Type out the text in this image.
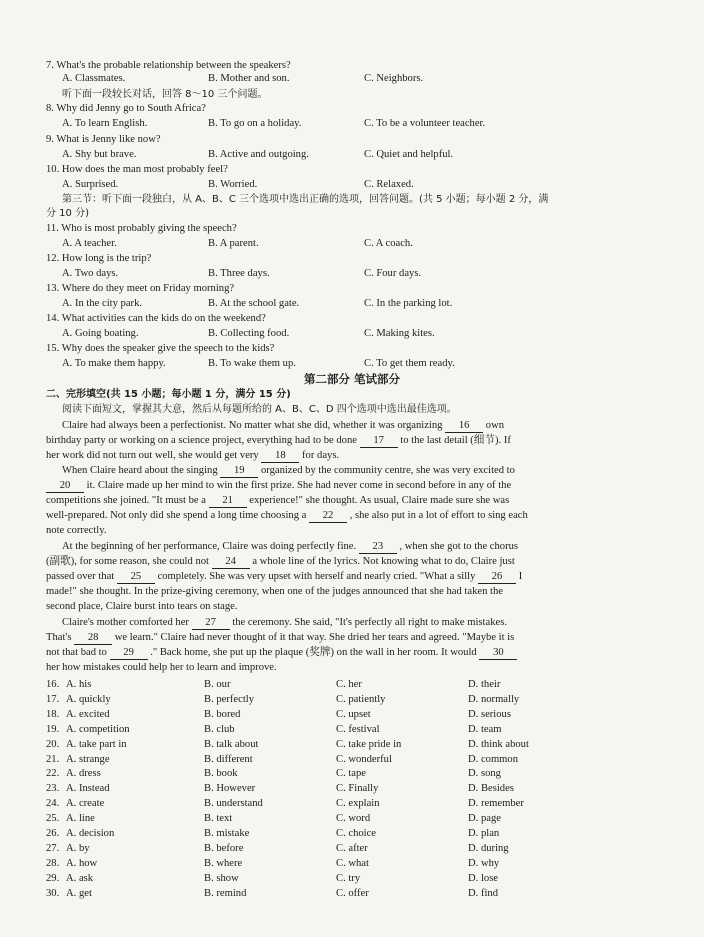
7. What's the probable relationship between the speakers?
A. Classmates.	B. Mother and son.	C. Neighbors.
听下面一段较长对话，回答 8～10 三个问题。
8. Why did Jenny go to South Africa?
A. To learn English.	B. To go on a holiday.	C. To be a volunteer teacher.
9. What is Jenny like now?
A. Shy but brave.	B. Active and outgoing.	C. Quiet and helpful.
10. How does the man most probably feel?
A. Surprised.	B. Worried.	C. Relaxed.
第三节：听下面一段独白，从 A、B、C 三个选项中选出正确的选项，回答问题。(共 5 小题；每小题 2 分，满
分 10 分)
11. Who is most probably giving the speech?
A. A teacher.	B. A parent.	C. A coach.
12. How long is the trip?
A. Two days.	B. Three days.	C. Four days.
13. Where do they meet on Friday morning?
A. In the city park.	B. At the school gate.	C. In the parking lot.
14. What activities can the kids do on the weekend?
A. Going boating.	B. Collecting food.	C. Making kites.
15. Why does the speaker give the speech to the kids?
A. To make them happy.	B. To wake them up.	C. To get them ready.
第二部分 笔试部分
二、完形填空(共 15 小题；每小题 1 分，满分 15 分)
阅读下面短文，掌握其大意，然后从每题所给的 A、B、C、D 四个选项中选出最佳选项。
Claire had always been a perfectionist. No matter what she did, whether it was organizing 16 own
birthday party or working on a science project, everything had to be done 17 to the last detail (细节). If
her work did not turn out well, she would get very 18 for days.
When Claire heard about the singing 19 organized by the community centre, she was very excited to
20 it. Claire made up her mind to win the first prize. She had never come in second before in any of the
competitions she joined. "It must be a 21 experience!" she thought. As usual, Claire made sure she was
well-prepared. Not only did she spend a long time choosing a 22 , she also put in a lot of effort to sing each
note correctly.
At the beginning of her performance, Claire was doing perfectly fine. 23 , when she got to the chorus
(副歌), for some reason, she could not 24 a whole line of the lyrics. Not knowing what to do, Claire just
passed over that 25 completely. She was very upset with herself and nearly cried. "What a silly 26 I
made!" she thought. In the prize-giving ceremony, when one of the judges announced that she had taken the
second place, Claire burst into tears on stage.
Claire's mother comforted her 27 the ceremony. She said, "It's perfectly all right to make mistakes.
That's 28 we learn." Claire had never thought of it that way. She dried her tears and agreed. "Maybe it is
not that bad to 29 ." Back home, she put up the plaque (奖牌) on the wall in her room. It would 30
her how mistakes could help her to learn and improve.
16. A. his	B. our	C. her	D. their
17. A. quickly	B. perfectly	C. patiently	D. normally
18. A. excited	B. bored	C. upset	D. serious
19. A. competition	B. club	C. festival	D. team
20. A. take part in	B. talk about	C. take pride in	D. think about
21. A. strange	B. different	C. wonderful	D. common
22. A. dress	B. book	C. tape	D. song
23. A. Instead	B. However	C. Finally	D. Besides
24. A. create	B. understand	C. explain	D. remember
25. A. line	B. text	C. word	D. page
26. A. decision	B. mistake	C. choice	D. plan
27. A. by	B. before	C. after	D. during
28. A. how	B. where	C. what	D. why
29. A. ask	B. show	C. try	D. lose
30. A. get	B. remind	C. offer	D. find
